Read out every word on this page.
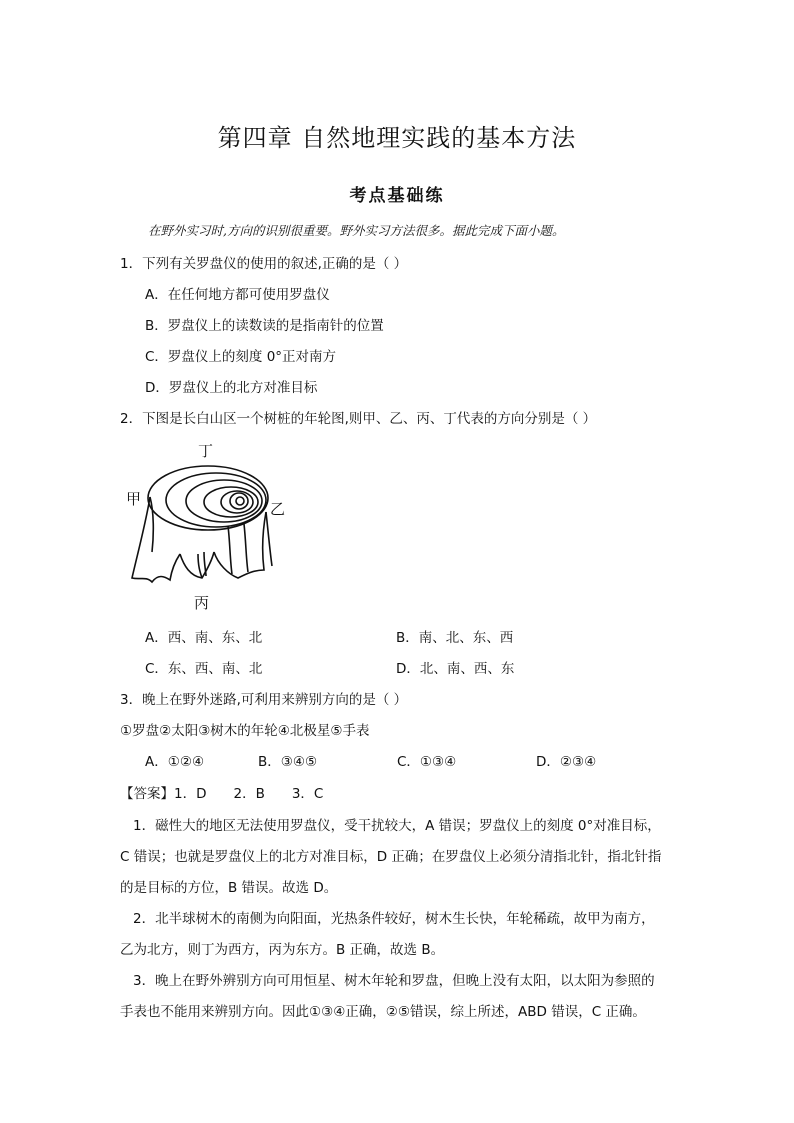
第四章 自然地理实践的基本方法
考点基础练
在野外实习时,方向的识别很重要。野外实习方法很多。据此完成下面小题。
1．下列有关罗盘仪的使用的叙述,正确的是（ ）
A．在任何地方都可使用罗盘仪
B．罗盘仪上的读数读的是指南针的位置
C．罗盘仪上的刻度 0°正对南方
D．罗盘仪上的北方对准目标
2．下图是长白山区一个树桩的年轮图,则甲、乙、丙、丁代表的方向分别是（ ）
丁
甲
乙
丙
A．西、南、东、北	B．南、北、东、西
C．东、西、南、北	D．北、南、西、东
3．晚上在野外迷路,可利用来辨别方向的是（ ）
①罗盘②太阳③树木的年轮④北极星⑤手表
A．①②④	B．③④⑤	C．①③④	D．②③④
【答案】1．D　　2．B　　3．C
1．磁性大的地区无法使用罗盘仪，受干扰较大，A 错误；罗盘仪上的刻度 0°对准目标，
C 错误；也就是罗盘仪上的北方对准目标，D 正确；在罗盘仪上必须分清指北针，指北针指
的是目标的方位，B 错误。故选 D。
2．北半球树木的南侧为向阳面，光热条件较好，树木生长快，年轮稀疏，故甲为南方，
乙为北方，则丁为西方，丙为东方。B 正确，故选 B。
3．晚上在野外辨别方向可用恒星、树木年轮和罗盘，但晚上没有太阳，以太阳为参照的
手表也不能用来辨别方向。因此①③④正确，②⑤错误，综上所述，ABD 错误，C 正确。
